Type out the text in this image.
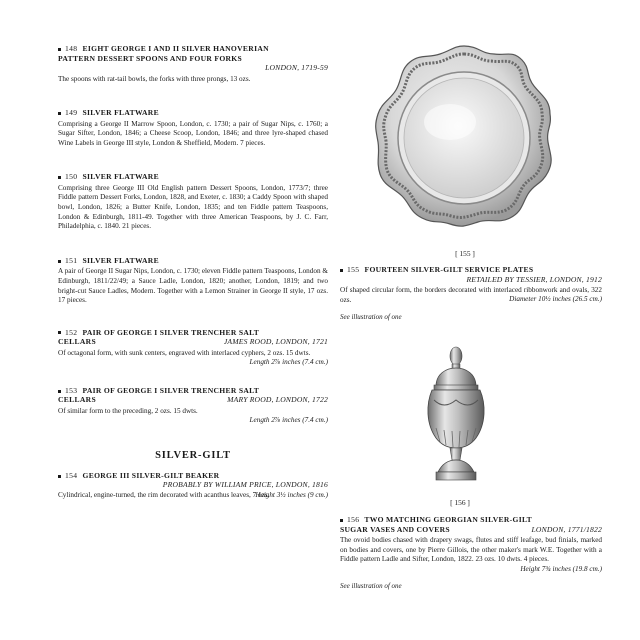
148 EIGHT GEORGE I AND II SILVER HANOVERIAN
PATTERN DESSERT SPOONS AND FOUR FORKS
LONDON, 1719-59
The spoons with rat-tail bowls, the forks with three prongs, 13 ozs.
149 SILVER FLATWARE
Comprising a George II Marrow Spoon, London, c. 1730; a pair of Sugar Nips, c. 1760; a Sugar Sifter, London, 1846; a Cheese Scoop, London, 1846; and three lyre-shaped chased Wine Labels in George III style, London & Sheffield, Modern. 7 pieces.
150 SILVER FLATWARE
Comprising three George III Old English pattern Dessert Spoons, London, 1773/7; three Fiddle pattern Dessert Forks, London, 1828, and Exeter, c. 1830; a Caddy Spoon with shaped bowl, London, 1826; a Butter Knife, London, 1835; and ten Fiddle pattern Teaspoons, London & Edinburgh, 1811-49. Together with three American Teaspoons, by J. C. Farr, Philadelphia, c. 1840. 21 pieces.
151 SILVER FLATWARE
A pair of George II Sugar Nips, London, c. 1730; eleven Fiddle pattern Teaspoons, London & Edinburgh, 1811/22/49; a Sauce Ladle, London, 1820; another, London, 1819; and two bright-cut Sauce Ladles, Modern. Together with a Lemon Strainer in George II style, 17 ozs. 17 pieces.
152 PAIR OF GEORGE I SILVER TRENCHER SALT
CELLARS	JAMES ROOD, LONDON, 1721
Of octagonal form, with sunk centers, engraved with interlaced cyphers, 2 ozs. 15 dwts.
Length 2⅞ inches (7.4 cm.)
153 PAIR OF GEORGE I SILVER TRENCHER SALT
CELLARS	MARY ROOD, LONDON, 1722
Of similar form to the preceding, 2 ozs. 15 dwts.
Length 2⅞ inches (7.4 cm.)
SILVER-GILT
154 GEORGE III SILVER-GILT BEAKER
PROBABLY BY WILLIAM PRICE, LONDON, 1816
Cylindrical, engine-turned, the rim decorated with acanthus leaves, 7 ozs.
Height 3½ inches (9 cm.)
[ 155 ]
155 FOURTEEN SILVER-GILT SERVICE PLATES
RETAILED BY TESSIER, LONDON, 1912
Of shaped circular form, the borders decorated with interlaced ribbonwork and ovals, 322 ozs.	Diameter 10½ inches (26.5 cm.)
See illustration of one
[ 156 ]
156 TWO MATCHING GEORGIAN SILVER-GILT
SUGAR VASES AND COVERS	LONDON, 1771/1822
The ovoid bodies chased with drapery swags, flutes and stiff leafage, bud finials, marked on bodies and covers, one by Pierre Gillois, the other maker's mark W.E. Together with a Fiddle pattern Ladle and Sifter, London, 1822. 23 ozs. 10 dwts. 4 pieces.
Height 7¾ inches (19.8 cm.)
See illustration of one
